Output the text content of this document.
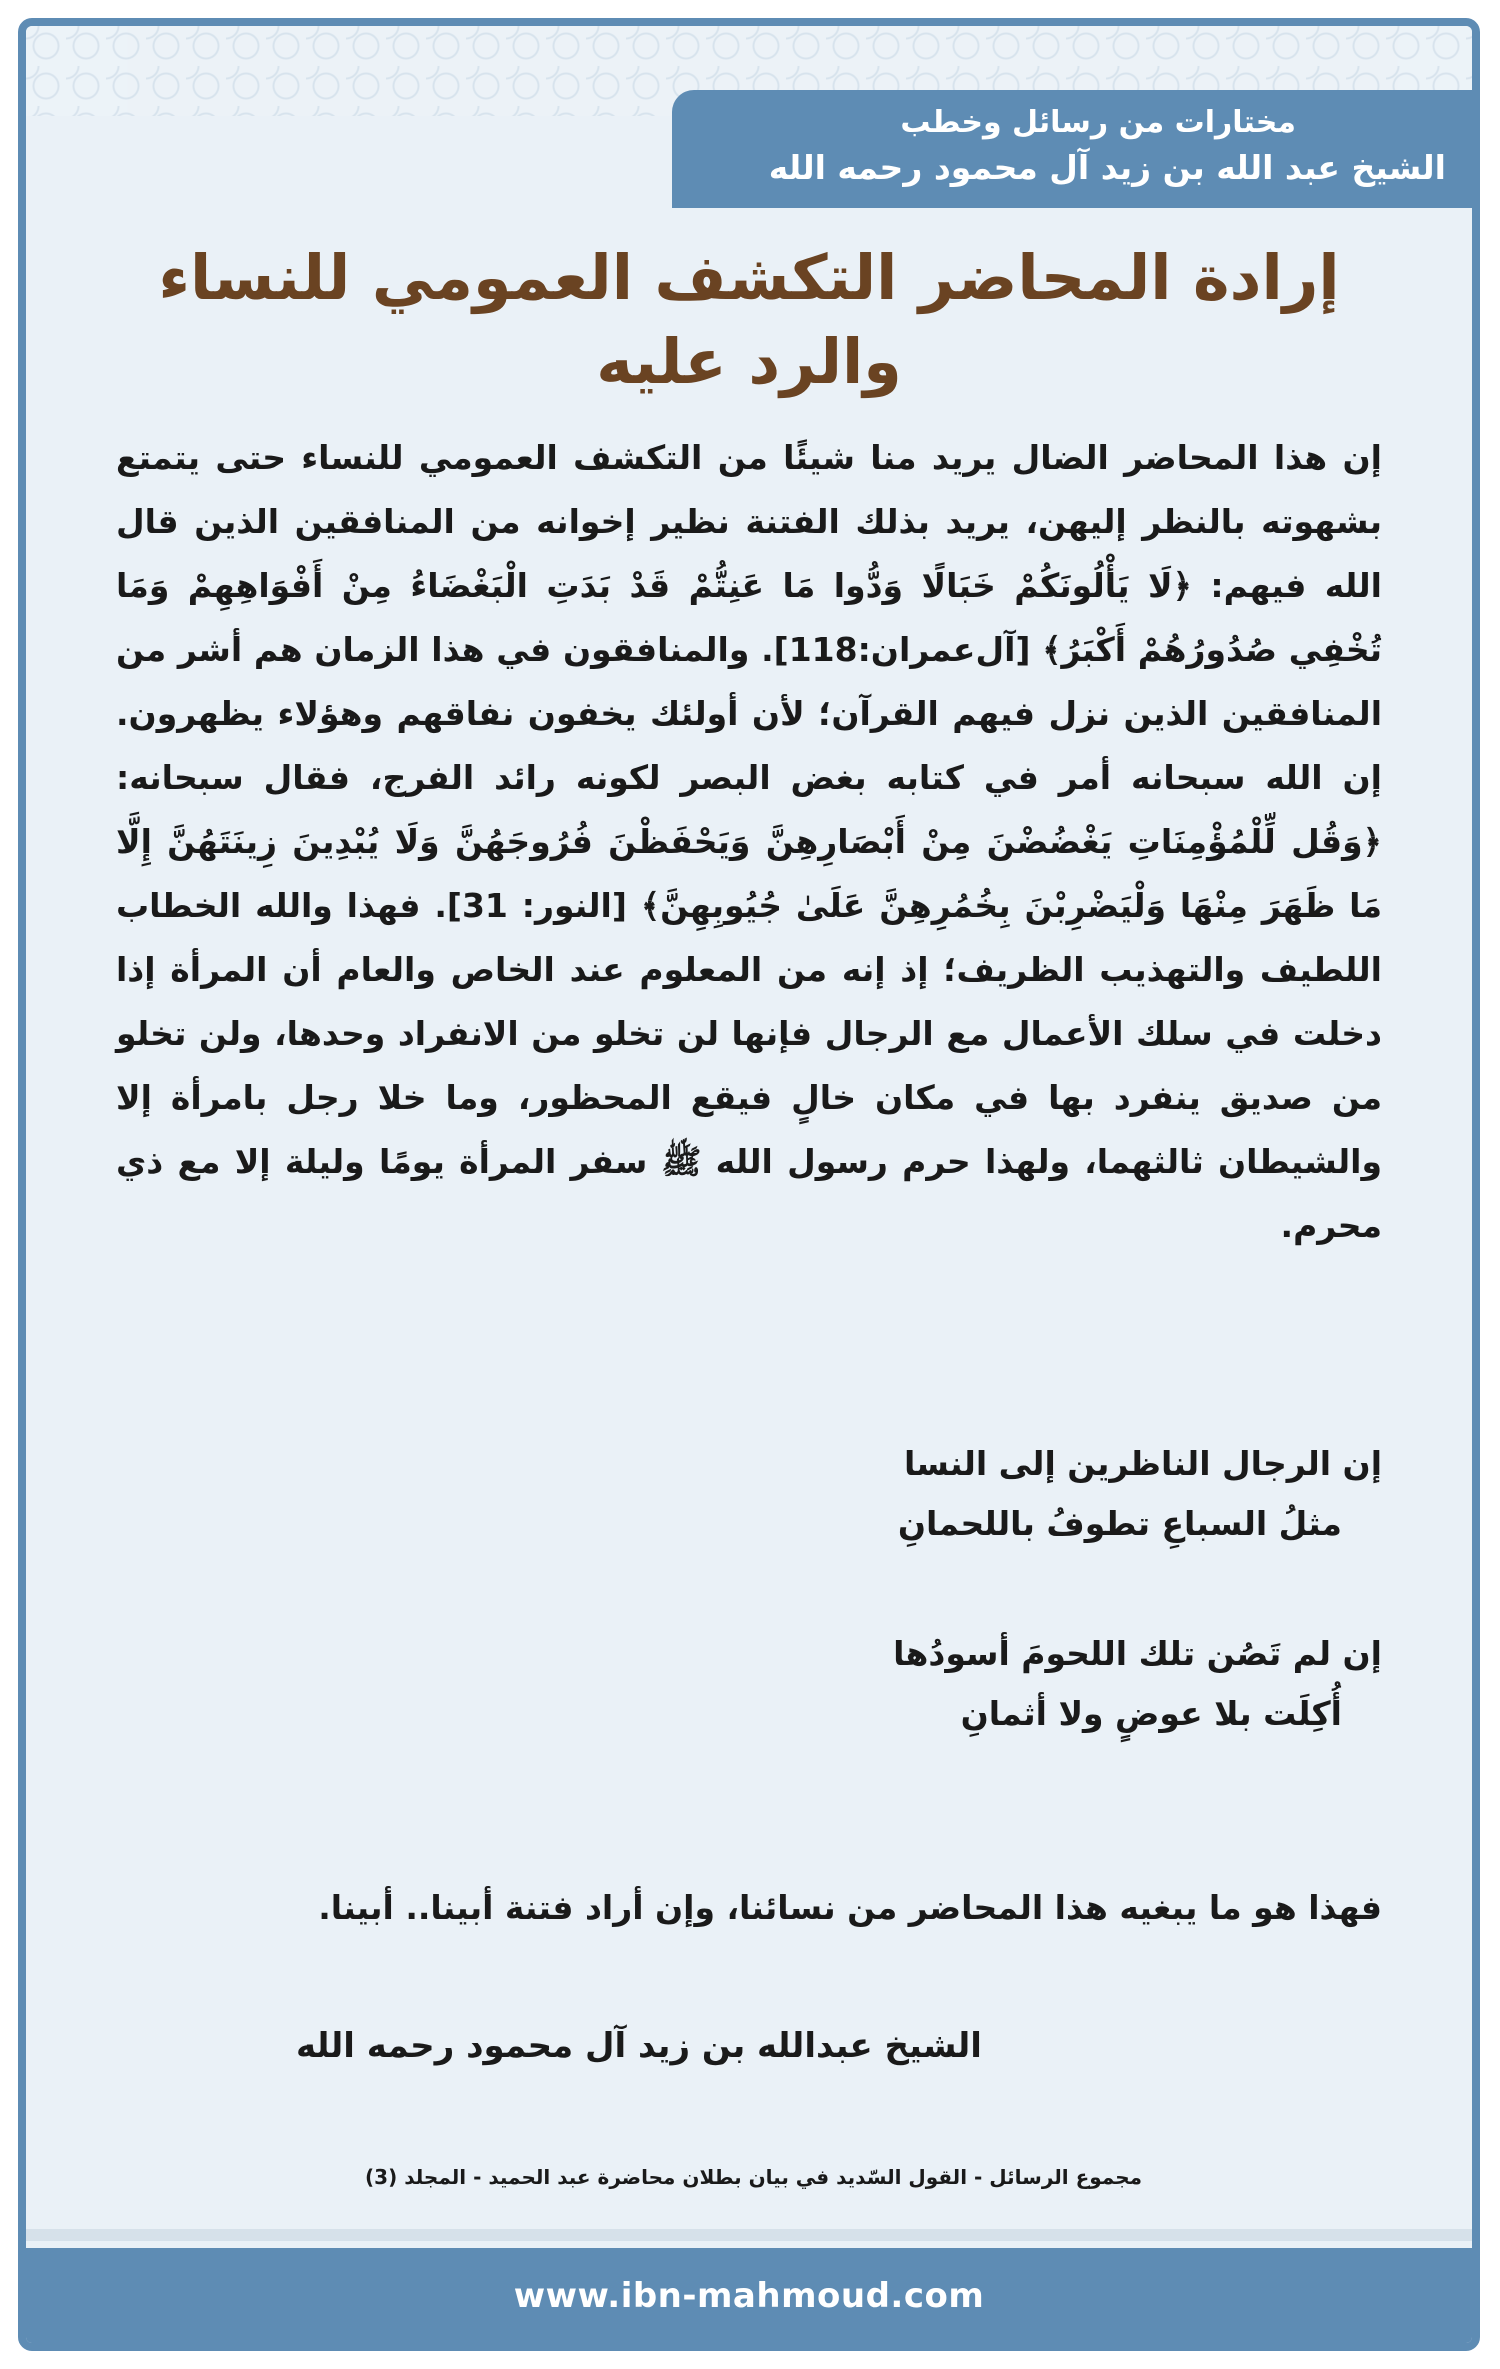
مختارات من رسائل وخطب
الشيخ عبد الله بن زيد آل محمود رحمه الله
إرادة المحاضر التكشف العمومي للنساء والرد عليه
إن هذا المحاضر الضال يريد منا شيئًا من التكشف العمومي للنساء حتى يتمتع بشهوته بالنظر إليهن، يريد بذلك الفتنة نظير إخوانه من المنافقين الذين قال الله فيهم: ﴿لَا يَأْلُونَكُمْ خَبَالًا وَدُّوا مَا عَنِتُّمْ قَدْ بَدَتِ الْبَغْضَاءُ مِنْ أَفْوَاهِهِمْ وَمَا تُخْفِي صُدُورُهُمْ أَكْبَرُ﴾ [آل‌عمران:118]. والمنافقون في هذا الزمان هم أشر من المنافقين الذين نزل فيهم القرآن؛ لأن أولئك يخفون نفاقهم وهؤلاء يظهرون. إن الله سبحانه أمر في كتابه بغض البصر لكونه رائد الفرج، فقال سبحانه: ﴿وَقُل لِّلْمُؤْمِنَاتِ يَغْضُضْنَ مِنْ أَبْصَارِهِنَّ وَيَحْفَظْنَ فُرُوجَهُنَّ وَلَا يُبْدِينَ زِينَتَهُنَّ إِلَّا مَا ظَهَرَ مِنْهَا وَلْيَضْرِبْنَ بِخُمُرِهِنَّ عَلَىٰ جُيُوبِهِنَّ﴾ [النور: 31]. فهذا والله الخطاب اللطيف والتهذيب الظريف؛ إذ إنه من المعلوم عند الخاص والعام أن المرأة إذا دخلت في سلك الأعمال مع الرجال فإنها لن تخلو من الانفراد وحدها، ولن تخلو من صديق ينفرد بها في مكان خالٍ فيقع المحظور، وما خلا رجل بامرأة إلا والشيطان ثالثهما، ولهذا حرم رسول الله ﷺ سفر المرأة يومًا وليلة إلا مع ذي محرم.
إن الرجال الناظرين إلى النسا
مثلُ السباعِ تطوفُ باللحمانِ
إن لم تَصُن تلك اللحومَ أسودُها
أُكِلَت بلا عوضٍ ولا أثمانِ
فهذا هو ما يبغيه هذا المحاضر من نسائنا، وإن أراد فتنة أبينا.. أبينا.
الشيخ عبدالله بن زيد آل محمود رحمه الله
مجموع الرسائل - القول السّديد في بيان بطلان محاضرة عبد الحميد - المجلد (3)
www.ibn-mahmoud.com
